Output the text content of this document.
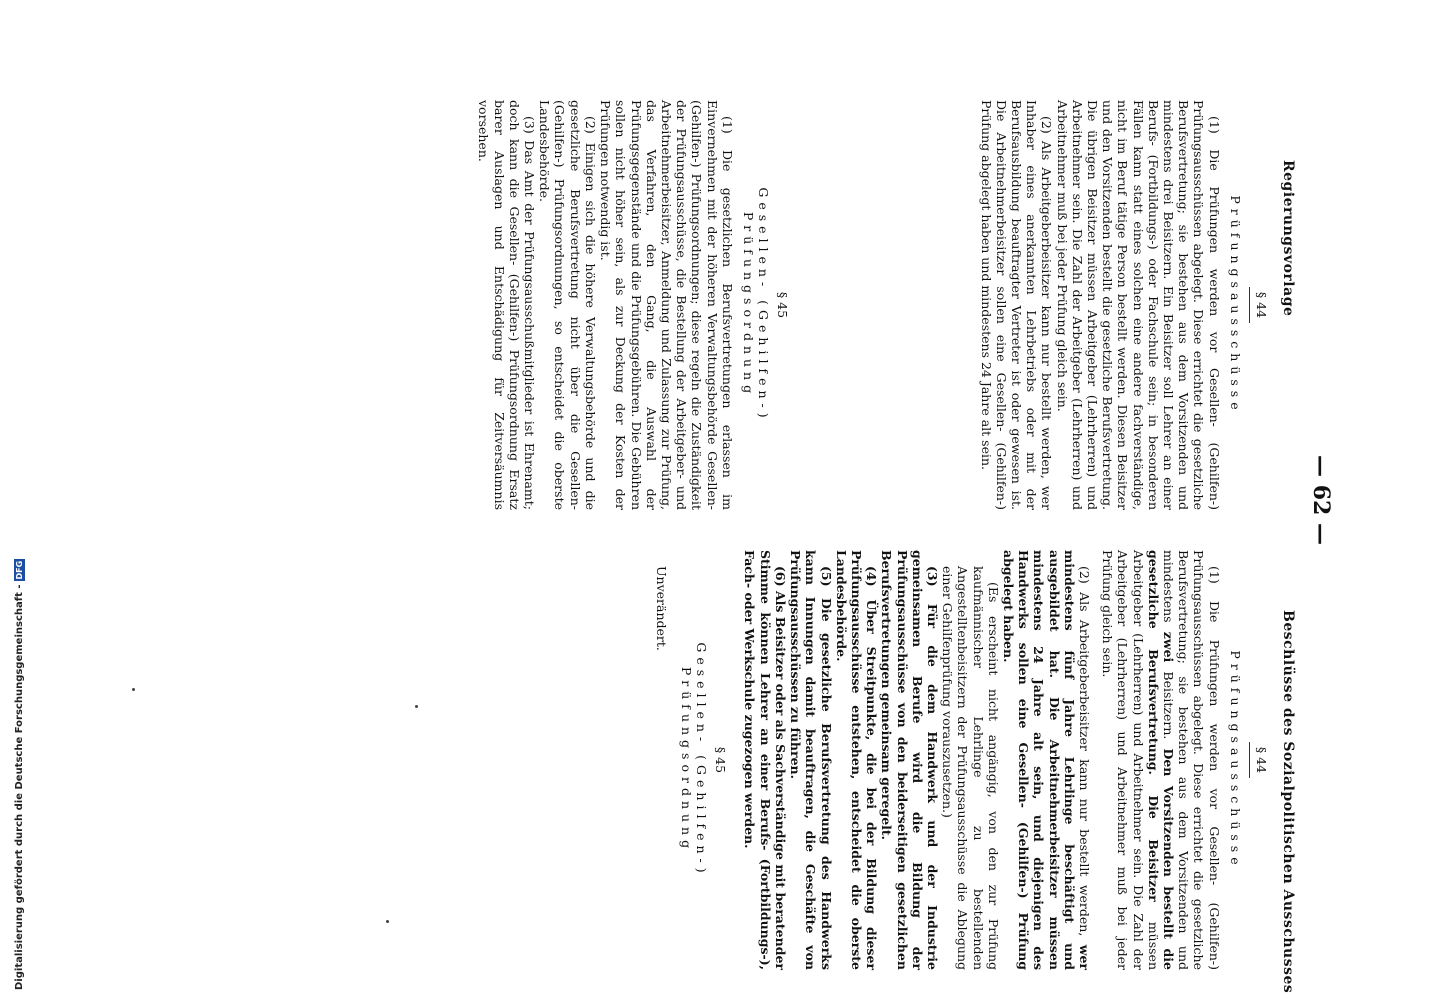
— 62 —
Regierungsvorlage
Beschlüsse des Sozialpolitischen Ausschusses
§ 44
Prüfungsausschüsse

(1) Die Prüfungen werden vor Gesellen- (Gehilfen-) Prüfungsausschüssen abgelegt. Diese errichtet die gesetzliche Berufsvertretung; sie bestehen aus dem Vorsitzenden und mindestens drei Beisitzern. Ein Beisitzer soll Lehrer an einer Berufs- (Fortbildungs-) oder Fachschule sein; in besonderen Fällen kann statt eines solchen eine andere fachverständige, nicht im Beruf tätige Person bestellt werden. Diesen Beisitzer und den Vorsitzenden bestellt die gesetzliche Berufsvertretung. Die übrigen Beisitzer müssen Arbeitgeber (Lehrherren) und Arbeitnehmer sein. Die Zahl der Arbeitgeber (Lehrherren) und Arbeitnehmer muß bei jeder Prüfung gleich sein.

(2) Als Arbeitgeberbeisitzer kann nur bestellt werden, wer Inhaber eines anerkannten Lehrbetriebs oder mit der Berufsausbildung beauftragter Vertreter ist oder gewesen ist. Die Arbeitnehmerbeisitzer sollen eine Gesellen- (Gehilfen-) Prüfung abgelegt haben und mindestens 24 Jahre alt sein.

§ 45
Gesellen- (Gehilfen-) Prüfungsordnung

(1) Die gesetzlichen Berufsvertretungen erlassen im Einvernehmen mit der höheren Verwaltungsbehörde Gesellen- (Gehilfen-) Prüfungsordnungen; diese regeln die Zuständigkeit der Prüfungsausschüsse, die Bestellung der Arbeitgeber- und Arbeitnehmerbeisitzer, Anmeldung und Zulassung zur Prüfung, das Verfahren, den Gang, die Auswahl der Prüfungsgegenstände und die Prüfungsgebühren. Die Gebühren sollen nicht höher sein, als zur Deckung der Kosten der Prüfungen notwendig ist.

(2) Einigen sich die höhere Verwaltungsbehörde und die gesetzliche Berufsvertretung nicht über die Gesellen- (Gehilfen-) Prüfungsordnungen, so entscheidet die oberste Landesbehörde.

(3) Das Amt der Prüfungsausschußmitglieder ist Ehrenamt; doch kann die Gesellen- (Gehilfen-) Prüfungsordnung Ersatz barer Auslagen und Entschädigung für Zeitversäumnis vorsehen.

§ 44
Prüfungsausschüsse

(1) Die Prüfungen werden vor Gesellen- (Gehilfen-) Prüfungsausschüssen abgelegt. Diese errichtet die gesetzliche Berufsvertretung; sie bestehen aus dem Vorsitzenden und mindestens zwei Beisitzern. Den Vorsitzenden bestellt die gesetzliche Berufsvertretung. Die Beisitzer müssen Arbeitgeber (Lehrherren) und Arbeitnehmer sein. Die Zahl der Arbeitgeber (Lehrherren) und Arbeitnehmer muß bei jeder Prüfung gleich sein.

(2) Als Arbeitgeberbeisitzer kann nur bestellt werden, wer mindestens fünf Jahre Lehrlinge beschäftigt und ausgebildet hat. Die Arbeitnehmerbeisitzer müssen mindestens 24 Jahre alt sein, und diejenigen des Handwerks sollen eine Gesellen- (Gehilfen-) Prüfung abgelegt haben.

(Es erscheint nicht angängig, von den zur Prüfung kaufmännischer Lehrlinge zu bestellenden Angestelltenbeisitzern der Prüfungsausschüsse die Ablegung einer Gehilfenprüfung vorauszusetzen.)

(3) Für die dem Handwerk und der Industrie gemeinsamen Berufe wird die Bildung der Prüfungsausschüsse von den beiderseitigen gesetzlichen Berufsvertretungen gemeinsam geregelt.

(4) Über Streitpunkte, die bei der Bildung dieser Prüfungsausschüsse entstehen, entscheidet die oberste Landesbehörde.

(5) Die gesetzliche Berufsvertretung des Handwerks kann Innungen damit beauftragen, die Geschäfte von Prüfungsausschüssen zu führen.

(6) Als Beisitzer oder als Sachverständige mit beratender Stimme können Lehrer an einer Berufs- (Fortbildungs-), Fach- oder Werkschule zugezogen werden.

§ 45
Gesellen- (Gehilfen-) Prüfungsordnung
Unverändert.
Digitalisierung gefördert durch die Deutsche Forschungsgemeinschaft -DFG
